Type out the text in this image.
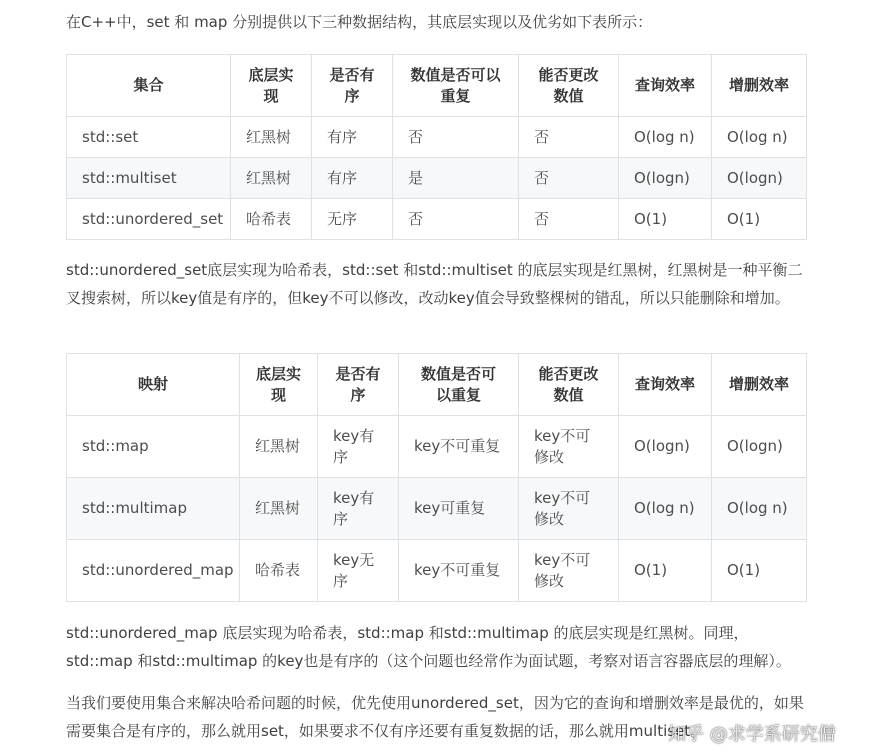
在C++中，set 和 map 分别提供以下三种数据结构，其底层实现以及优劣如下表所示：

集合	底层实现	是否有序	数值是否可以重复	能否更改数值	查询效率	增删效率
std::set	红黑树	有序	否	否	O(log n)	O(log n)
std::multiset	红黑树	有序	是	否	O(logn)	O(logn)
std::unordered_set	哈希表	无序	否	否	O(1)	O(1)

std::unordered_set底层实现为哈希表，std::set 和std::multiset 的底层实现是红黑树，红黑树是一种平衡二叉搜索树，所以key值是有序的，但key不可以修改，改动key值会导致整棵树的错乱，所以只能删除和增加。

映射	底层实现	是否有序	数值是否可以重复	能否更改数值	查询效率	增删效率
std::map	红黑树	key有序	key不可重复	key不可修改	O(logn)	O(logn)
std::multimap	红黑树	key有序	key可重复	key不可修改	O(log n)	O(log n)
std::unordered_map	哈希表	key无序	key不可重复	key不可修改	O(1)	O(1)

std::unordered_map 底层实现为哈希表，std::map 和std::multimap 的底层实现是红黑树。同理，std::map 和std::multimap 的key也是有序的（这个问题也经常作为面试题，考察对语言容器底层的理解）。

当我们要使用集合来解决哈希问题的时候，优先使用unordered_set，因为它的查询和增删效率是最优的，如果需要集合是有序的，那么就用set，如果要求不仅有序还要有重复数据的话，那么就用multiset。

知乎 @求学系研究僧
